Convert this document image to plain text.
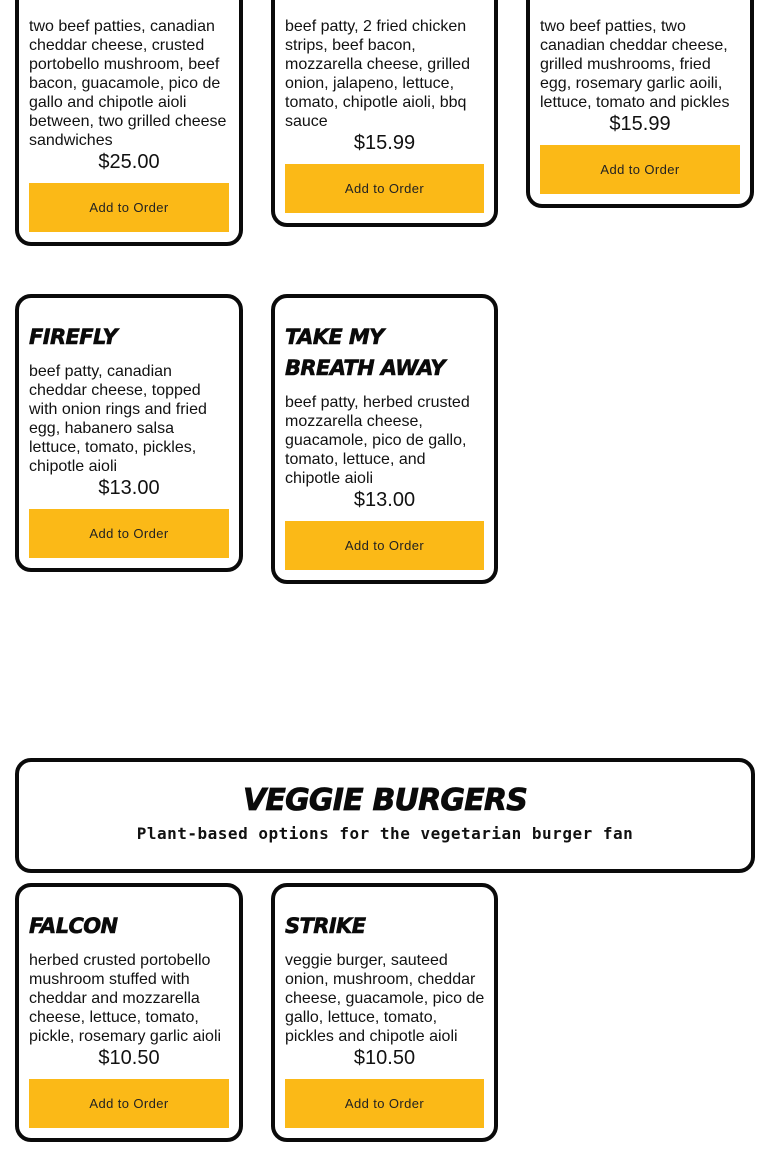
two beef patties, canadian cheddar cheese, crusted portobello mushroom, beef bacon, guacamole, pico de gallo and chipotle aioli between, two grilled cheese sandwiches

$25.00

Add to Order

beef patty, 2 fried chicken strips, beef bacon, mozzarella cheese, grilled onion, jalapeno, lettuce, tomato, chipotle aioli, bbq sauce

$15.99

Add to Order

two beef patties, two canadian cheddar cheese, grilled mushrooms, fried egg, rosemary garlic aoili, lettuce, tomato and pickles

$15.99

Add to Order
FIREFLY

beef patty, canadian cheddar cheese, topped with onion rings and fried egg, habanero salsa lettuce, tomato, pickles, chipotle aioli

$13.00

Add to Order
TAKE MY BREATH AWAY

beef patty, herbed crusted mozzarella cheese, guacamole, pico de gallo, tomato, lettuce, and chipotle aioli

$13.00

Add to Order
VEGGIE BURGERS

Plant-based options for the vegetarian burger fan

FALCON

herbed crusted portobello mushroom stuffed with cheddar and mozzarella cheese, lettuce, tomato, pickle, rosemary garlic aioli

$10.50

Add to Order
STRIKE

veggie burger, sauteed onion, mushroom, cheddar cheese, guacamole, pico de gallo, lettuce, tomato, pickles and chipotle aioli

$10.50

Add to Order
